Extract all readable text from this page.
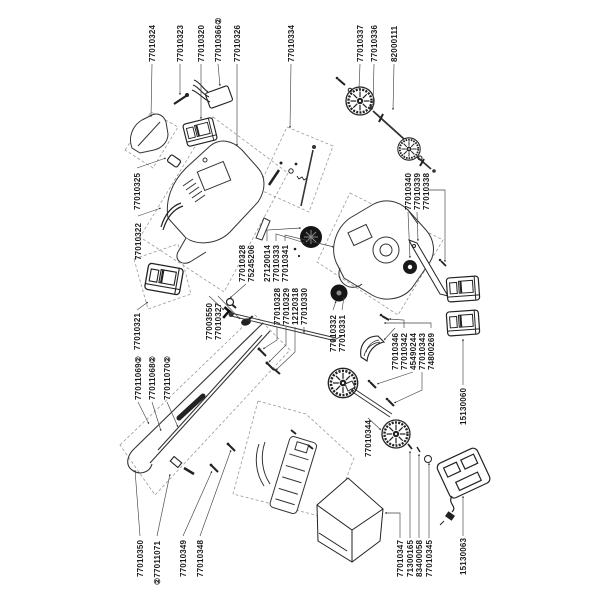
77010324 77010323 77010320 77010366② 77010326	77010334	77010337 77010336 82000111
77010325
77010322
77010321
77010328 75245206 27120014 77010333 77010341
77010328 77010329 12120318 77010330
77010332 77010331
77003550 77010327
77011069② 77011068② 77011070②
77010346 77010342 45490244 77010343 74800269
77010340 77010339 77010338
15130060
77010344
77010350 ②77011071 77010349 77010348	77010347 71300165 83400058 77010345	15130063
